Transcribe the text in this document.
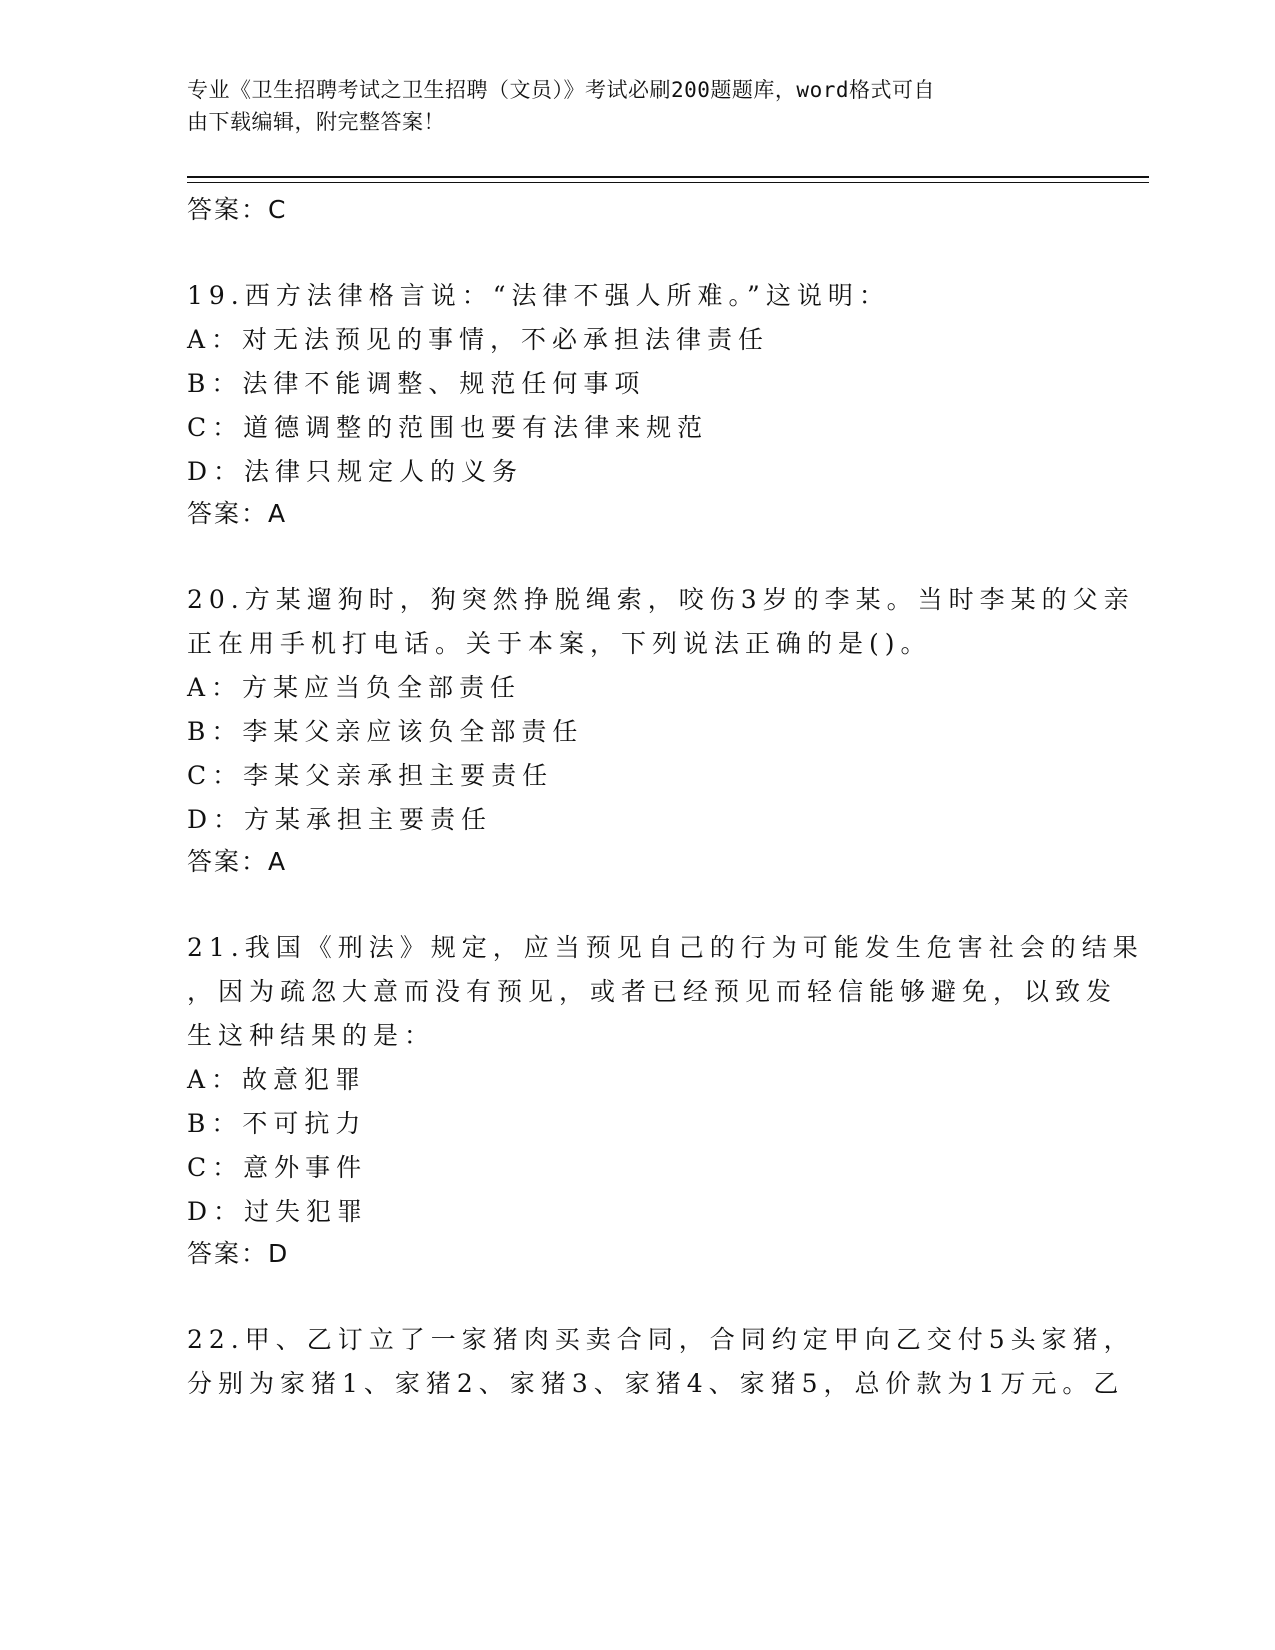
专业《卫生招聘考试之卫生招聘（文员）》考试必刷200题题库，word格式可自
由下载编辑，附完整答案！
答案：C
19.西方法律格言说：“法律不强人所难。”这说明：
A：对无法预见的事情，不必承担法律责任
B：法律不能调整、规范任何事项
C：道德调整的范围也要有法律来规范
D：法律只规定人的义务
答案：A
20.方某遛狗时，狗突然挣脱绳索，咬伤3岁的李某。当时李某的父亲
正在用手机打电话。关于本案，下列说法正确的是()。
A：方某应当负全部责任
B：李某父亲应该负全部责任
C：李某父亲承担主要责任
D：方某承担主要责任
答案：A
21.我国《刑法》规定，应当预见自己的行为可能发生危害社会的结果
，因为疏忽大意而没有预见，或者已经预见而轻信能够避免，以致发
生这种结果的是：
A：故意犯罪
B：不可抗力
C：意外事件
D：过失犯罪
答案：D
22.甲、乙订立了一家猪肉买卖合同，合同约定甲向乙交付5头家猪，
分别为家猪1、家猪2、家猪3、家猪4、家猪5，总价款为1万元。乙
